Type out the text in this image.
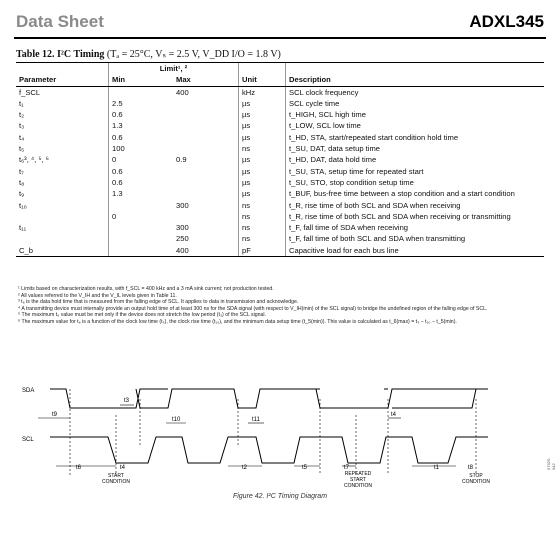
Data Sheet	ADXL345
Table 12. I²C Timing (Tₐ = 25°C, Vₛ = 2.5 V, V_DD I/O = 1.8 V)
	Limit¹, ²			
Parameter	Min	Max	Unit	Description
f_SCL		400	kHz	SCL clock frequency
t₁	2.5		µs	SCL cycle time
t₂	0.6		µs	t_HIGH, SCL high time
t₃	1.3		µs	t_LOW, SCL low time
t₄	0.6		µs	t_HD, STA, start/repeated start condition hold time
t₅	100		ns	t_SU, DAT, data setup time
t₆³, ⁴, ⁵, ⁶	0	0.9	µs	t_HD, DAT, data hold time
t₇	0.6		µs	t_SU, STA, setup time for repeated start
t₈	0.6		µs	t_SU, STO, stop condition setup time
t₉	1.3		µs	t_BUF, bus-free time between a stop condition and a start condition
t₁₀		300	ns	t_R, rise time of both SCL and SDA when receiving
	0		ns	t_R, rise time of both SCL and SDA when receiving or transmitting
t₁₁		300	ns	t_F, fall time of SDA when receiving
		250	ns	t_F, fall time of both SCL and SDA when transmitting
C_b		400	pF	Capacitive load for each bus line
¹ Limits based on characterization results, with f_SCL = 400 kHz and a 3 mA sink current; not production tested.
² All values referred to the V_IH and the V_IL levels given in Table 11.
³ t₆ is the data hold time that is measured from the falling edge of SCL. It applies to data in transmission and acknowledge.
⁴ A transmitting device must internally provide an output hold time of at least 300 ns for the SDA signal (with respect to V_IH(min) of the SCL signal) to bridge the undefined region of the falling edge of SCL.
⁵ The maximum t₆ value must be met only if the device does not stretch the low period (t₃) of the SCL signal.
⁶ The maximum value for t₆ is a function of the clock low time (t₃), the clock rise time (t₁₀), and the minimum data setup time (t_5(min)). This value is calculated as t_6(max) = t₃ − t₁₀ − t_5(min).
SDA
SCL
t9
t3
t10	t11
t4
t4
t6	t2	t5	t7	t1	t8
START CONDITION
REPEATED START CONDITION
STOP CONDITION
Figure 42. I²C Timing Diagram
07925-042
